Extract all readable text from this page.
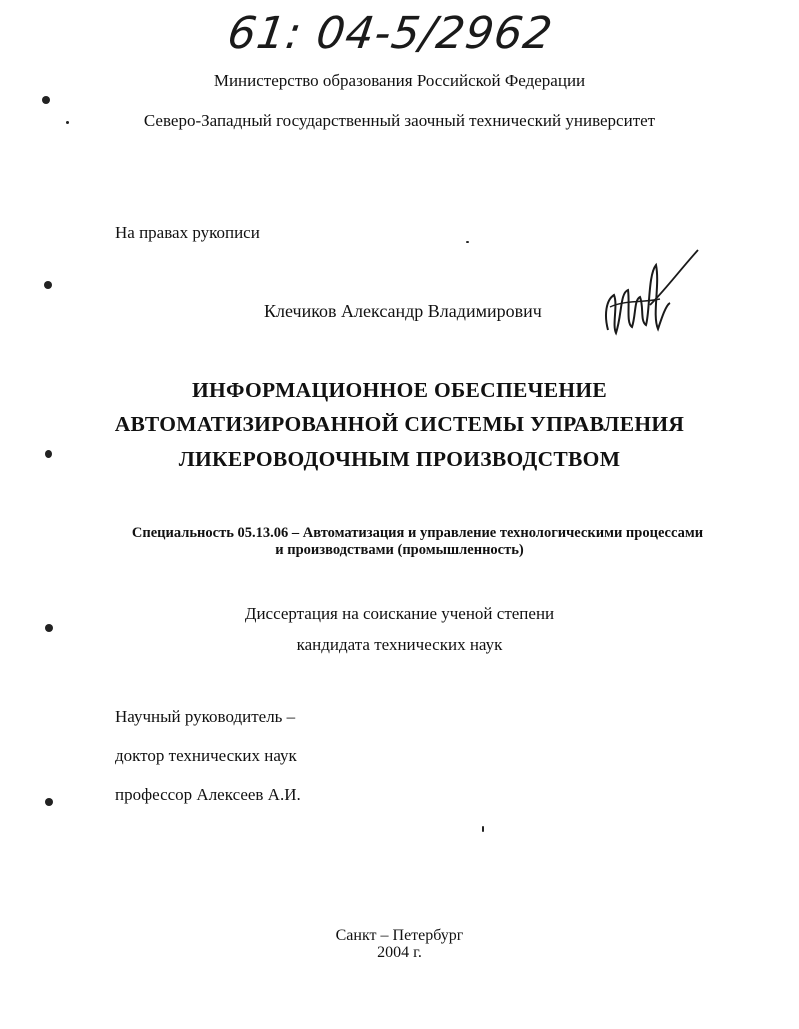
61: 04-5/2962
Министерство образования Российской Федерации
Северо-Западный государственный заочный технический университет
На правах рукописи
Клечиков Александр Владимирович
ИНФОРМАЦИОННОЕ ОБЕСПЕЧЕНИЕ
АВТОМАТИЗИРОВАННОЙ СИСТЕМЫ УПРАВЛЕНИЯ
ЛИКЕРОВОДОЧНЫМ ПРОИЗВОДСТВОМ
Специальность 05.13.06 – Автоматизация и управление технологическими процессами
и производствами (промышленность)
Диссертация на соискание ученой степени
кандидата технических наук
Научный руководитель –
доктор технических наук
профессор Алексеев А.И.
Санкт – Петербург
2004 г.
